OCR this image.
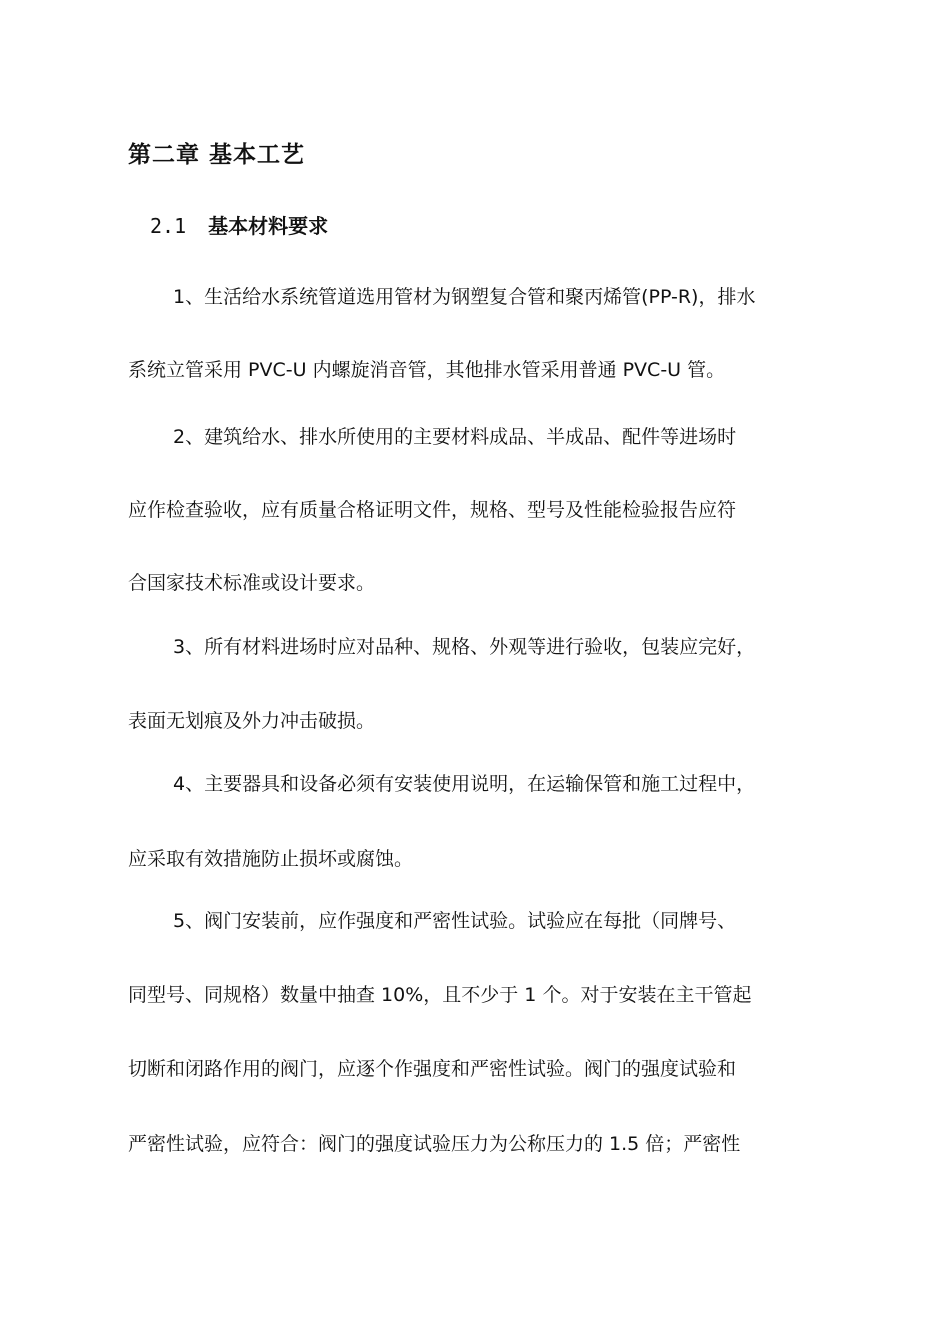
第二章 基本工艺
2.1 基本材料要求
1、生活给水系统管道选用管材为钢塑复合管和聚丙烯管(PP-R)，排水
系统立管采用 PVC-U 内螺旋消音管，其他排水管采用普通 PVC-U 管。
2、建筑给水、排水所使用的主要材料成品、半成品、配件等进场时
应作检查验收，应有质量合格证明文件，规格、型号及性能检验报告应符
合国家技术标准或设计要求。
3、所有材料进场时应对品种、规格、外观等进行验收，包装应完好，
表面无划痕及外力冲击破损。
4、主要器具和设备必须有安装使用说明，在运输保管和施工过程中，
应采取有效措施防止损坏或腐蚀。
5、阀门安装前，应作强度和严密性试验。试验应在每批（同牌号、
同型号、同规格）数量中抽查 10%，且不少于 1 个。对于安装在主干管起
切断和闭路作用的阀门，应逐个作强度和严密性试验。阀门的强度试验和
严密性试验，应符合：阀门的强度试验压力为公称压力的 1.5 倍；严密性
